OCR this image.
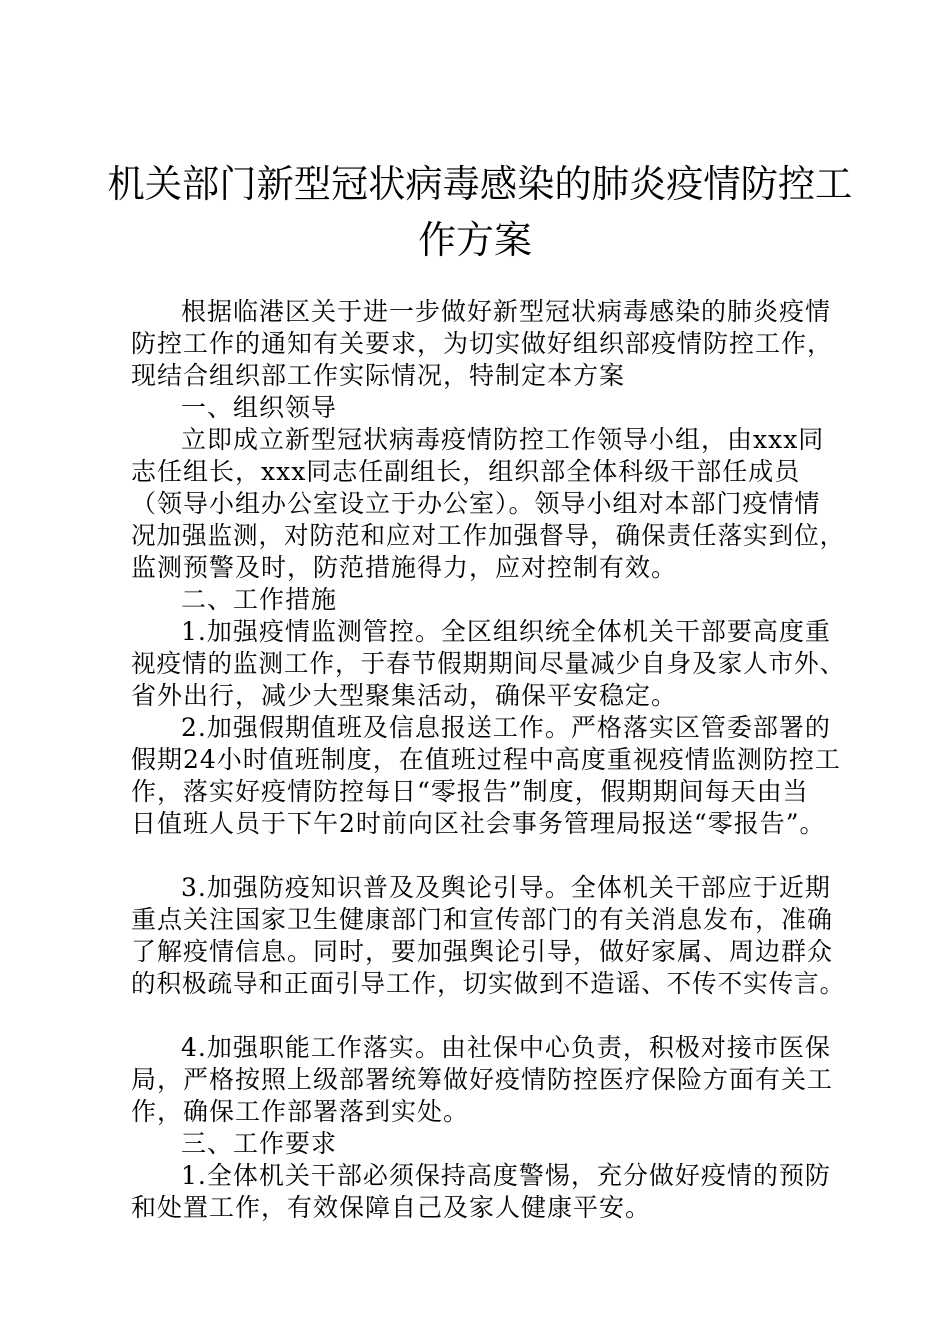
机关部门新型冠状病毒感染的肺炎疫情防控工
作方案
根据临港区关于进一步做好新型冠状病毒感染的肺炎疫情
防控工作的通知有关要求，为切实做好组织部疫情防控工作，
现结合组织部工作实际情况，特制定本方案
一、组织领导
立即成立新型冠状病毒疫情防控工作领导小组，由xxx同
志任组长，xxx同志任副组长，组织部全体科级干部任成员
（领导小组办公室设立于办公室）。领导小组对本部门疫情情
况加强监测，对防范和应对工作加强督导，确保责任落实到位，
监测预警及时，防范措施得力，应对控制有效。
二、工作措施
1.加强疫情监测管控。全区组织统全体机关干部要高度重
视疫情的监测工作，于春节假期期间尽量减少自身及家人市外、
省外出行，减少大型聚集活动，确保平安稳定。
2.加强假期值班及信息报送工作。严格落实区管委部署的
假期24小时值班制度，在值班过程中高度重视疫情监测防控工
作，落实好疫情防控每日“零报告”制度，假期期间每天由当
日值班人员于下午2时前向区社会事务管理局报送“零报告”。
3.加强防疫知识普及及舆论引导。全体机关干部应于近期
重点关注国家卫生健康部门和宣传部门的有关消息发布，准确
了解疫情信息。同时，要加强舆论引导，做好家属、周边群众
的积极疏导和正面引导工作，切实做到不造谣、不传不实传言。
4.加强职能工作落实。由社保中心负责，积极对接市医保
局，严格按照上级部署统筹做好疫情防控医疗保险方面有关工
作，确保工作部署落到实处。
三、工作要求
1.全体机关干部必须保持高度警惕，充分做好疫情的预防
和处置工作，有效保障自己及家人健康平安。
